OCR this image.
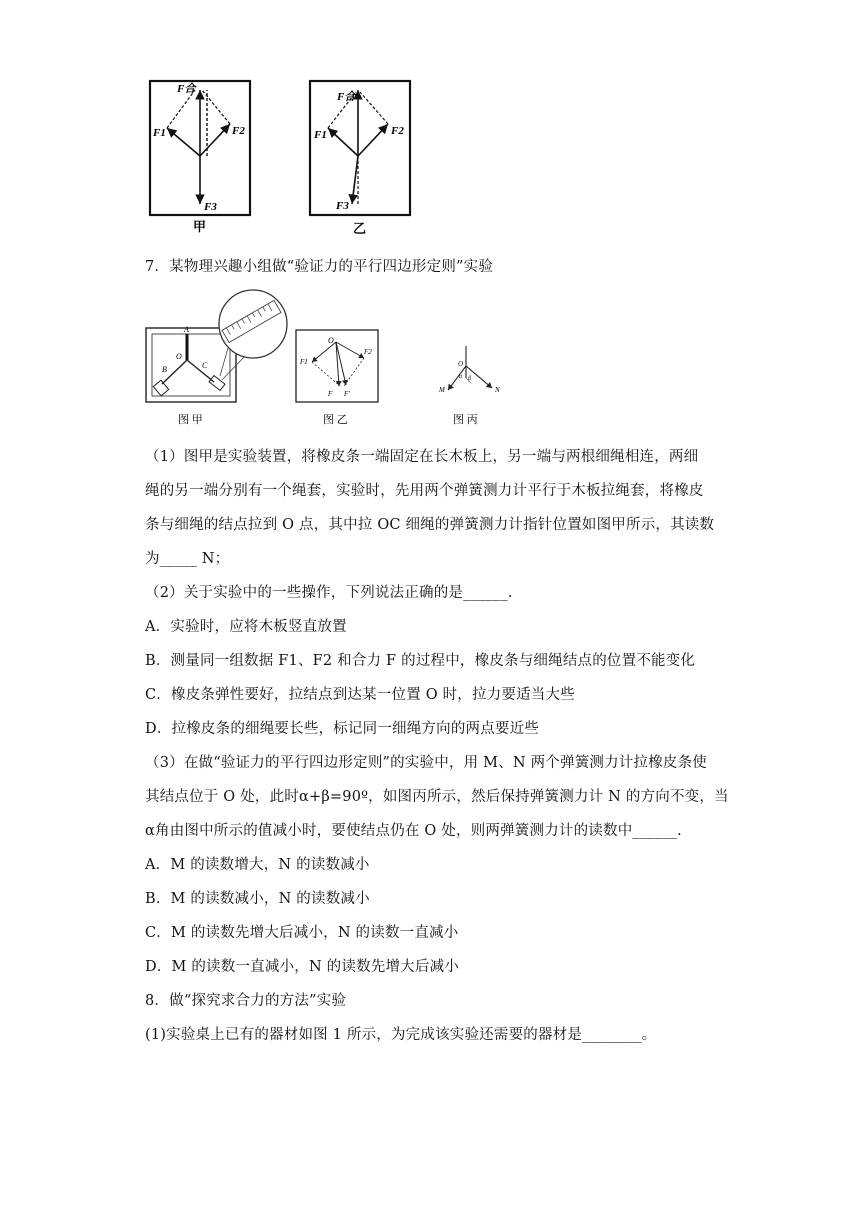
F合
F1	F2
F3
甲
F合
F1	F2
F3
乙
7．某物理兴趣小组做“验证力的平行四边形定则”实验
A
O
B	C
图 甲
O
F1
F2
F F'
图 乙
O
M	N
α β
图 丙
（1）图甲是实验装置，将橡皮条一端固定在长木板上，另一端与两根细绳相连，两细
绳的另一端分别有一个绳套，实验时，先用两个弹簧测力计平行于木板拉绳套，将橡皮
条与细绳的结点拉到 O 点，其中拉 OC 细绳的弹簧测力计指针位置如图甲所示，其读数
为_____ N；
（2）关于实验中的一些操作，下列说法正确的是______.
A．实验时，应将木板竖直放置
B．测量同一组数据 F1、F2 和合力 F 的过程中，橡皮条与细绳结点的位置不能变化
C．橡皮条弹性要好，拉结点到达某一位置 O 时，拉力要适当大些
D．拉橡皮条的细绳要长些，标记同一细绳方向的两点要近些
（3）在做“验证力的平行四边形定则”的实验中，用 M、N 两个弹簧测力计拉橡皮条使
其结点位于 O 处，此时α+β=90º，如图丙所示，然后保持弹簧测力计 N 的方向不变，当
α角由图中所示的值减小时，要使结点仍在 O 处，则两弹簧测力计的读数中______.
A．M 的读数增大，N 的读数减小
B．M 的读数减小，N 的读数减小
C．M 的读数先增大后减小，N 的读数一直减小
D．M 的读数一直减小，N 的读数先增大后减小
8．做“探究求合力的方法”实验
(1)实验桌上已有的器材如图 1 所示，为完成该实验还需要的器材是________。
